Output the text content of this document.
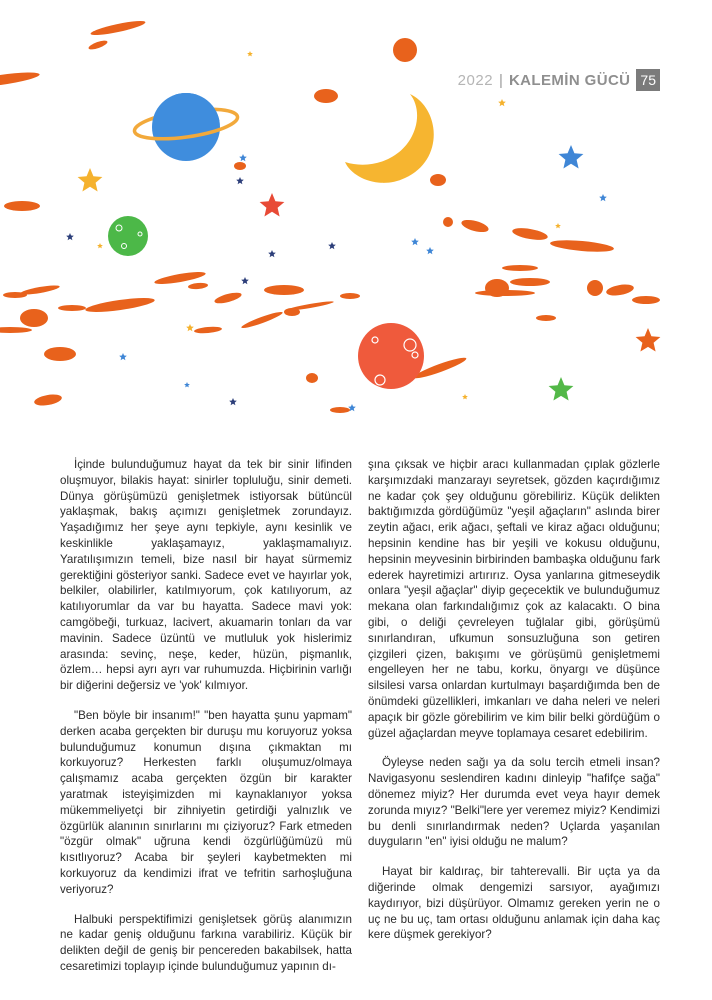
2022 | KALEMİN GÜCÜ 75

İçinde bulunduğumuz hayat da tek bir sinir lifinden oluşmuyor, bilakis hayat: sinirler topluluğu, sinir demeti. Dünya görüşümüzü genişletmek istiyorsak bütüncül yaklaşmak, bakış açımızı genişletmek zorundayız. Yaşadığımız her şeye aynı tepkiyle, aynı kesinlik ve keskinlikle yaklaşamayız, yaklaşmamalıyız. Yaratılışımızın temeli, bize nasıl bir hayat sürmemiz gerektiğini gösteriyor sanki. Sadece evet ve hayırlar yok, belkiler, olabilirler, katılmıyorum, çok katılıyorum, az katılıyorumlar da var bu hayatta. Sadece mavi yok: camgöbeği, turkuaz, lacivert, akuamarin tonları da var mavinin. Sadece üzüntü ve mutluluk yok hislerimiz arasında: sevinç, neşe, keder, hüzün, pişmanlık, özlem… hepsi ayrı ayrı var ruhumuzda. Hiçbirinin varlığı bir diğerini değersiz ve 'yok' kılmıyor.

"Ben böyle bir insanım!" "ben hayatta şunu yapmam" derken acaba gerçekten bir duruşu mu koruyoruz yoksa bulunduğumuz konumun dışına çıkmaktan mı korkuyoruz? Herkesten farklı oluşumuz/olmaya çalışmamız acaba gerçekten özgün bir karakter yaratmak isteyişimizden mi kaynaklanıyor yoksa mükemmeliyetçi bir zihniyetin getirdiği yalnızlık ve özgürlük alanının sınırlarını mı çiziyoruz? Fark etmeden "özgür olmak" uğruna kendi özgürlüğümüzü mü kısıtlıyoruz? Acaba bir şeyleri kaybetmekten mi korkuyoruz da kendimizi ifrat ve tefritin sarhoşluğuna veriyoruz?

Halbuki perspektifimizi genişletsek görüş alanımızın ne kadar geniş olduğunu farkına varabiliriz. Küçük bir delikten değil de geniş bir pencereden bakabilsek, hatta cesaretimizi toplayıp içinde bulunduğumuz yapının dı-

şına çıksak ve hiçbir aracı kullanmadan çıplak gözlerle karşımızdaki manzarayı seyretsek, gözden kaçırdığımız ne kadar çok şey olduğunu görebiliriz. Küçük delikten baktığımızda gördüğümüz "yeşil ağaçların" aslında birer zeytin ağacı, erik ağacı, şeftali ve kiraz ağacı olduğunu; hepsinin kendine has bir yeşili ve kokusu olduğunu, hepsinin meyvesinin birbirinden bambaşka olduğunu fark ederek hayretimizi artırırız. Oysa yanlarına gitmeseydik onlara "yeşil ağaçlar" diyip geçecektik ve bulunduğumuz mekana olan farkındalığımız çok az kalacaktı. O bina gibi, o deliği çevreleyen tuğlalar gibi, görüşümü sınırlandıran, ufkumun sonsuzluğuna son getiren çizgileri çizen, bakışımı ve görüşümü genişletmemi engelleyen her ne tabu, korku, önyargı ve düşünce silsilesi varsa onlardan kurtulmayı başardığımda ben de önümdeki güzellikleri, imkanları ve daha neleri ve neleri apaçık bir gözle görebilirim ve kim bilir belki gördüğüm o güzel ağaçlardan meyve toplamaya cesaret edebilirim.

Öyleyse neden sağı ya da solu tercih etmeli insan? Navigasyonu seslendiren kadını dinleyip "hafifçe sağa" dönemez miyiz? Her durumda evet veya hayır demek zorunda mıyız? "Belki"lere yer veremez miyiz? Kendimizi bu denli sınırlandırmak neden? Uçlarda yaşanılan duyguların "en" iyisi olduğu ne malum?

Hayat bir kaldıraç, bir tahterevalli. Bir uçta ya da diğerinde olmak dengemizi sarsıyor, ayağımızı kaydırıyor, bizi düşürüyor. Olmamız gereken yerin ne o uç ne bu uç, tam ortası olduğunu anlamak için daha kaç kere düşmek gerekiyor?
